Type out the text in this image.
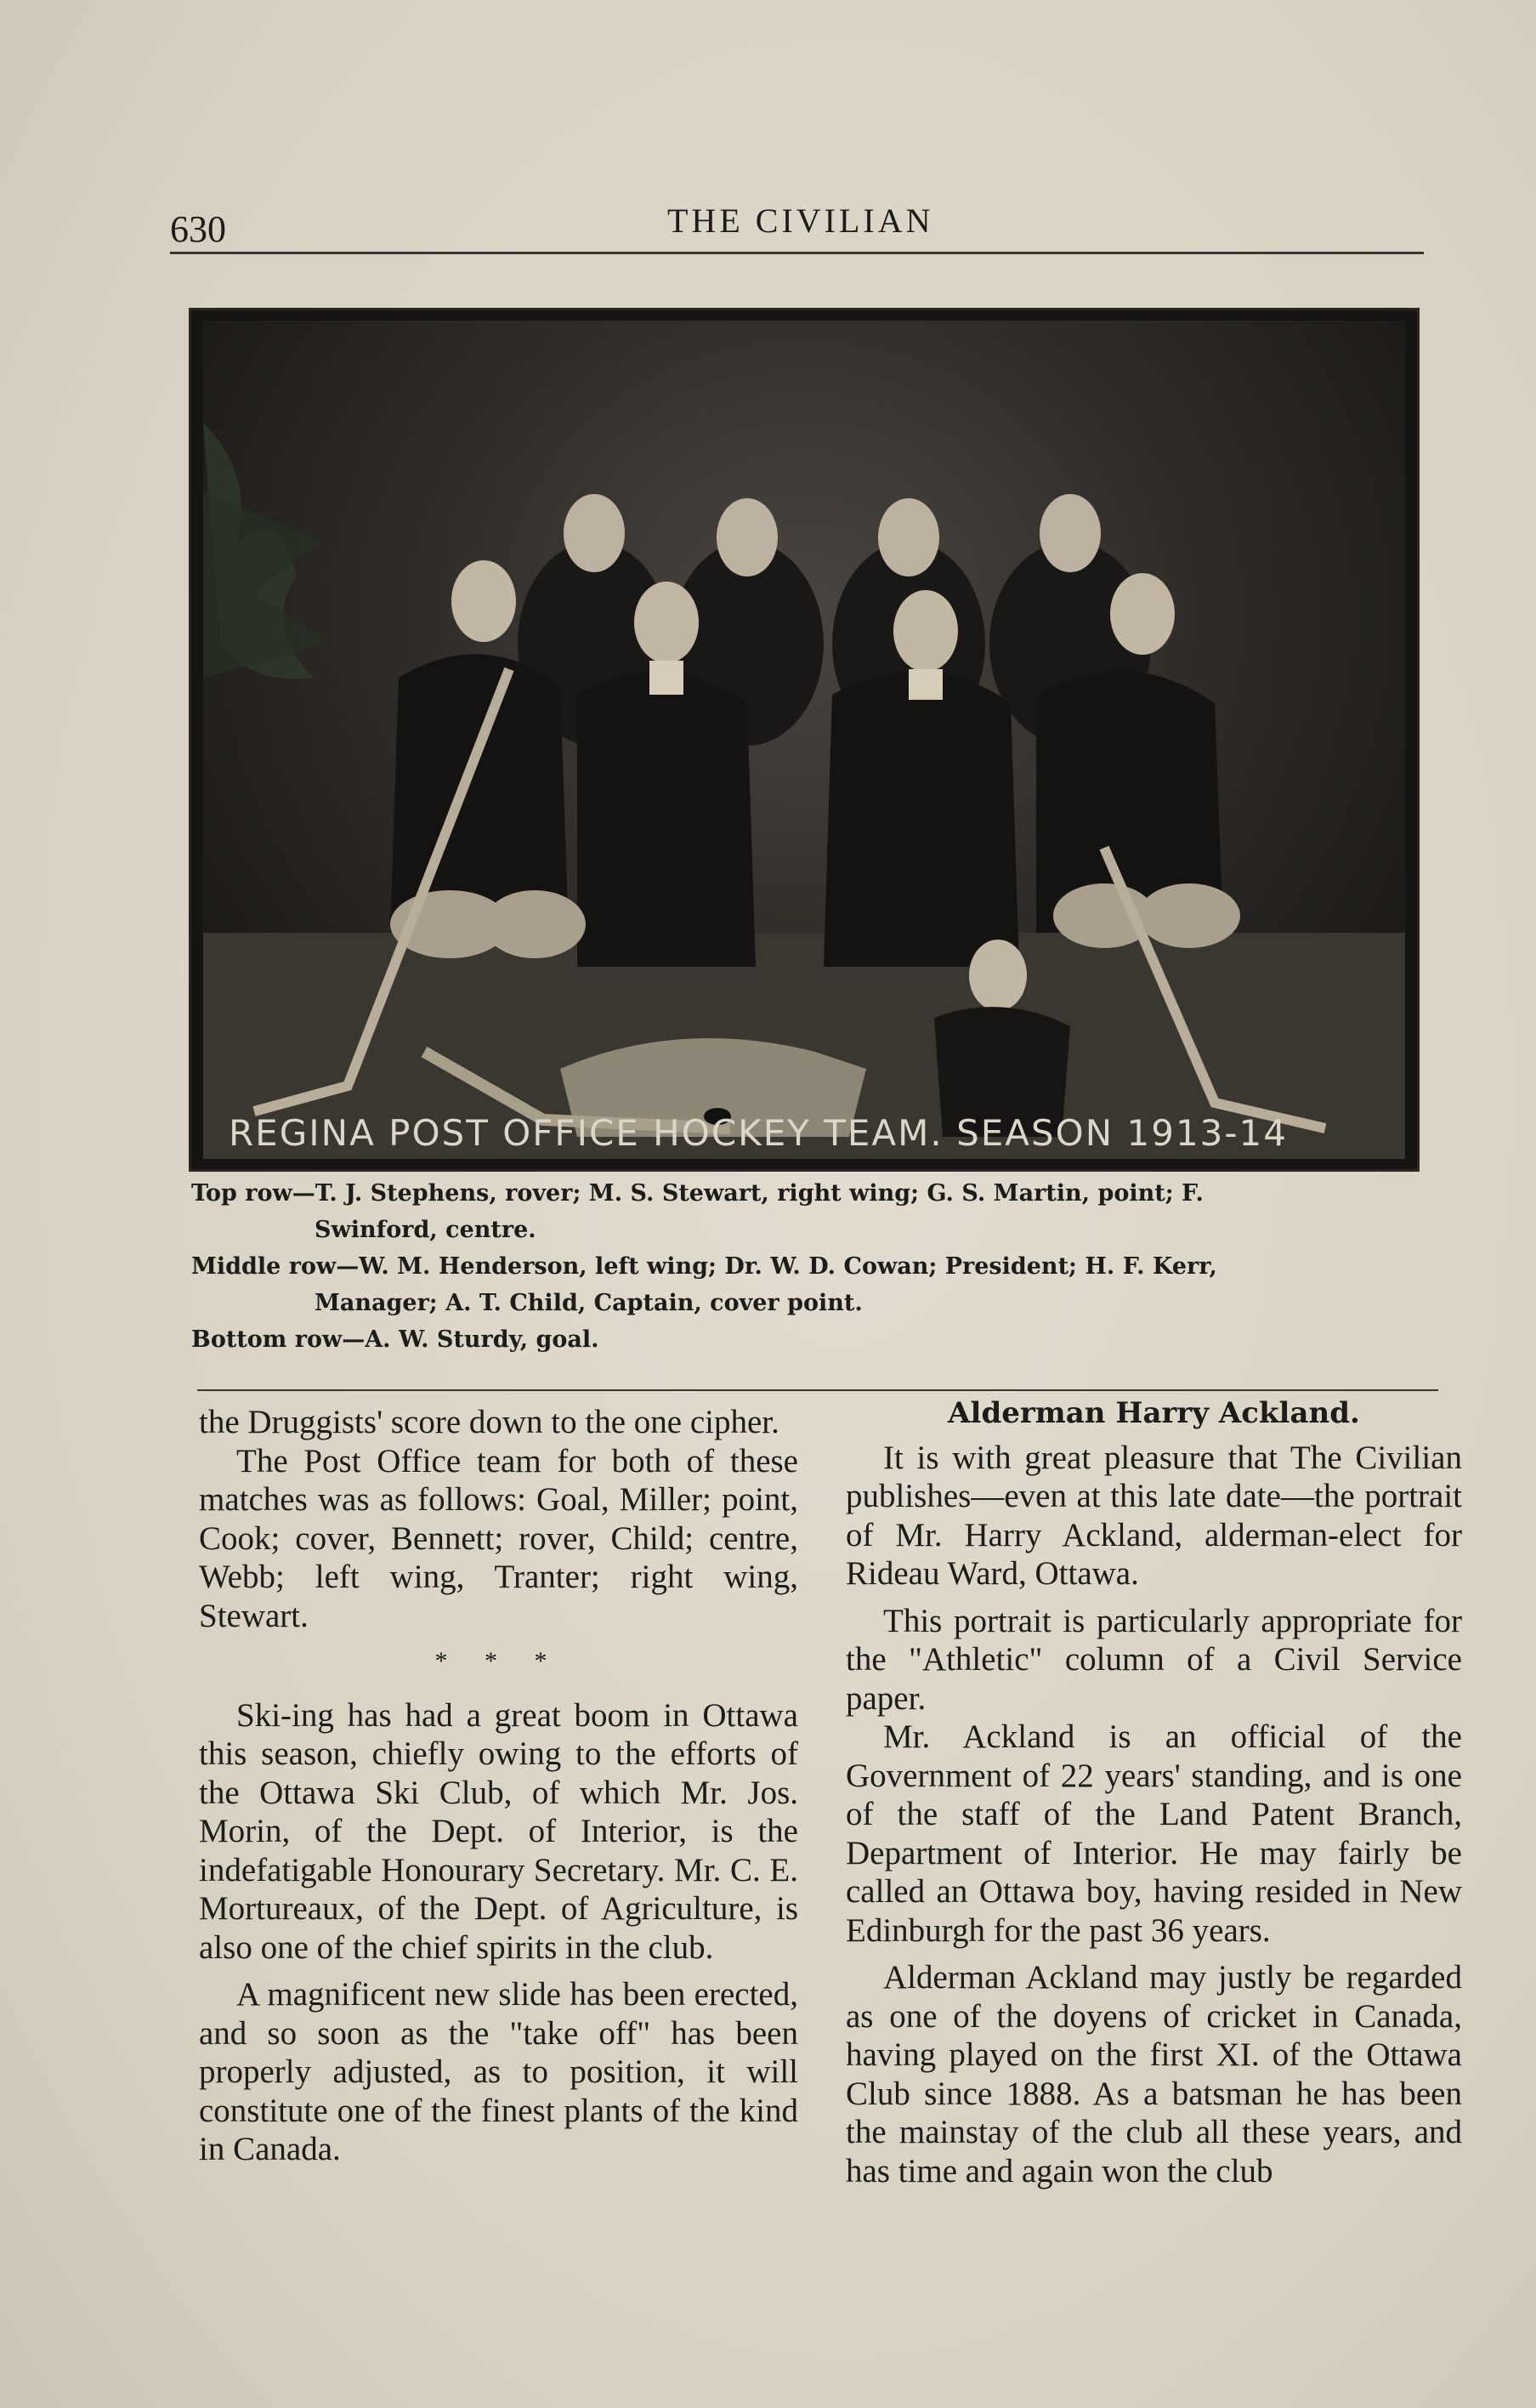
630	THE CIVILIAN
REGINA POST OFFICE HOCKEY TEAM. SEASON 1913-14
Top row—T. J. Stephens, rover; M. S. Stewart, right wing; G. S. Martin, point; F.
Swinford, centre.
Middle row—W. M. Henderson, left wing; Dr. W. D. Cowan; President; H. F. Kerr,
Manager; A. T. Child, Captain, cover point.
Bottom row—A. W. Sturdy, goal.

the Druggists' score down to the one cipher.

The Post Office team for both of these matches was as follows: Goal, Miller; point, Cook; cover, Bennett; rover, Child; centre, Webb; left wing, Tranter; right wing, Stewart.

* * *

Ski-ing has had a great boom in Ottawa this season, chiefly owing to the efforts of the Ottawa Ski Club, of which Mr. Jos. Morin, of the Dept. of Interior, is the indefatigable Honourary Secretary. Mr. C. E. Mortureaux, of the Dept. of Agriculture, is also one of the chief spirits in the club.

A magnificent new slide has been erected, and so soon as the "take off" has been properly adjusted, as to position, it will constitute one of the finest plants of the kind in Canada.

Alderman Harry Ackland.

It is with great pleasure that The Civilian publishes—even at this late date—the portrait of Mr. Harry Ackland, alderman-elect for Rideau Ward, Ottawa.

This portrait is particularly appropriate for the "Athletic" column of a Civil Service paper.

Mr. Ackland is an official of the Government of 22 years' standing, and is one of the staff of the Land Patent Branch, Department of Interior. He may fairly be called an Ottawa boy, having resided in New Edinburgh for the past 36 years.

Alderman Ackland may justly be regarded as one of the doyens of cricket in Canada, having played on the first XI. of the Ottawa Club since 1888. As a batsman he has been the mainstay of the club all these years, and has time and again won the club
